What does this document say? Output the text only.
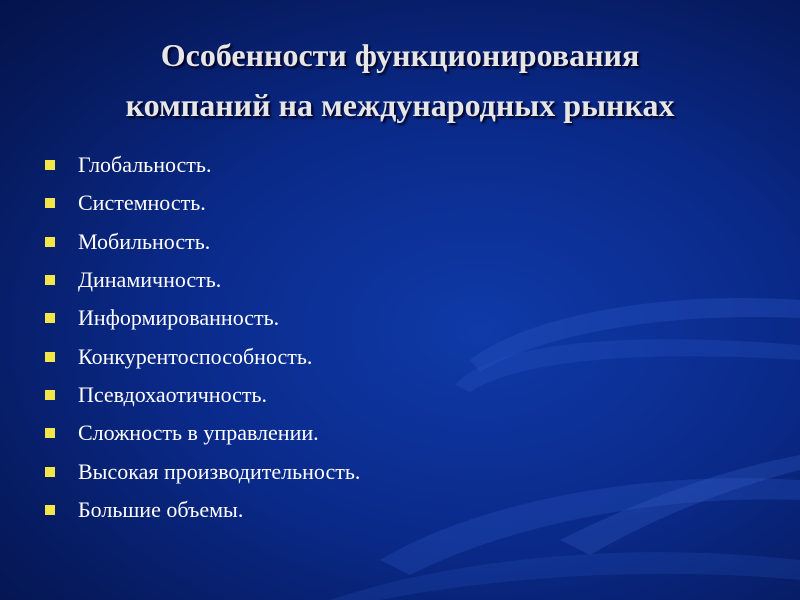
Особенности функционирования
компаний на международных рынках
Глобальность.
Системность.
Мобильность.
Динамичность.
Информированность.
Конкурентоспособность.
Псевдохаотичность.
Сложность в управлении.
Высокая производительность.
Большие объемы.
